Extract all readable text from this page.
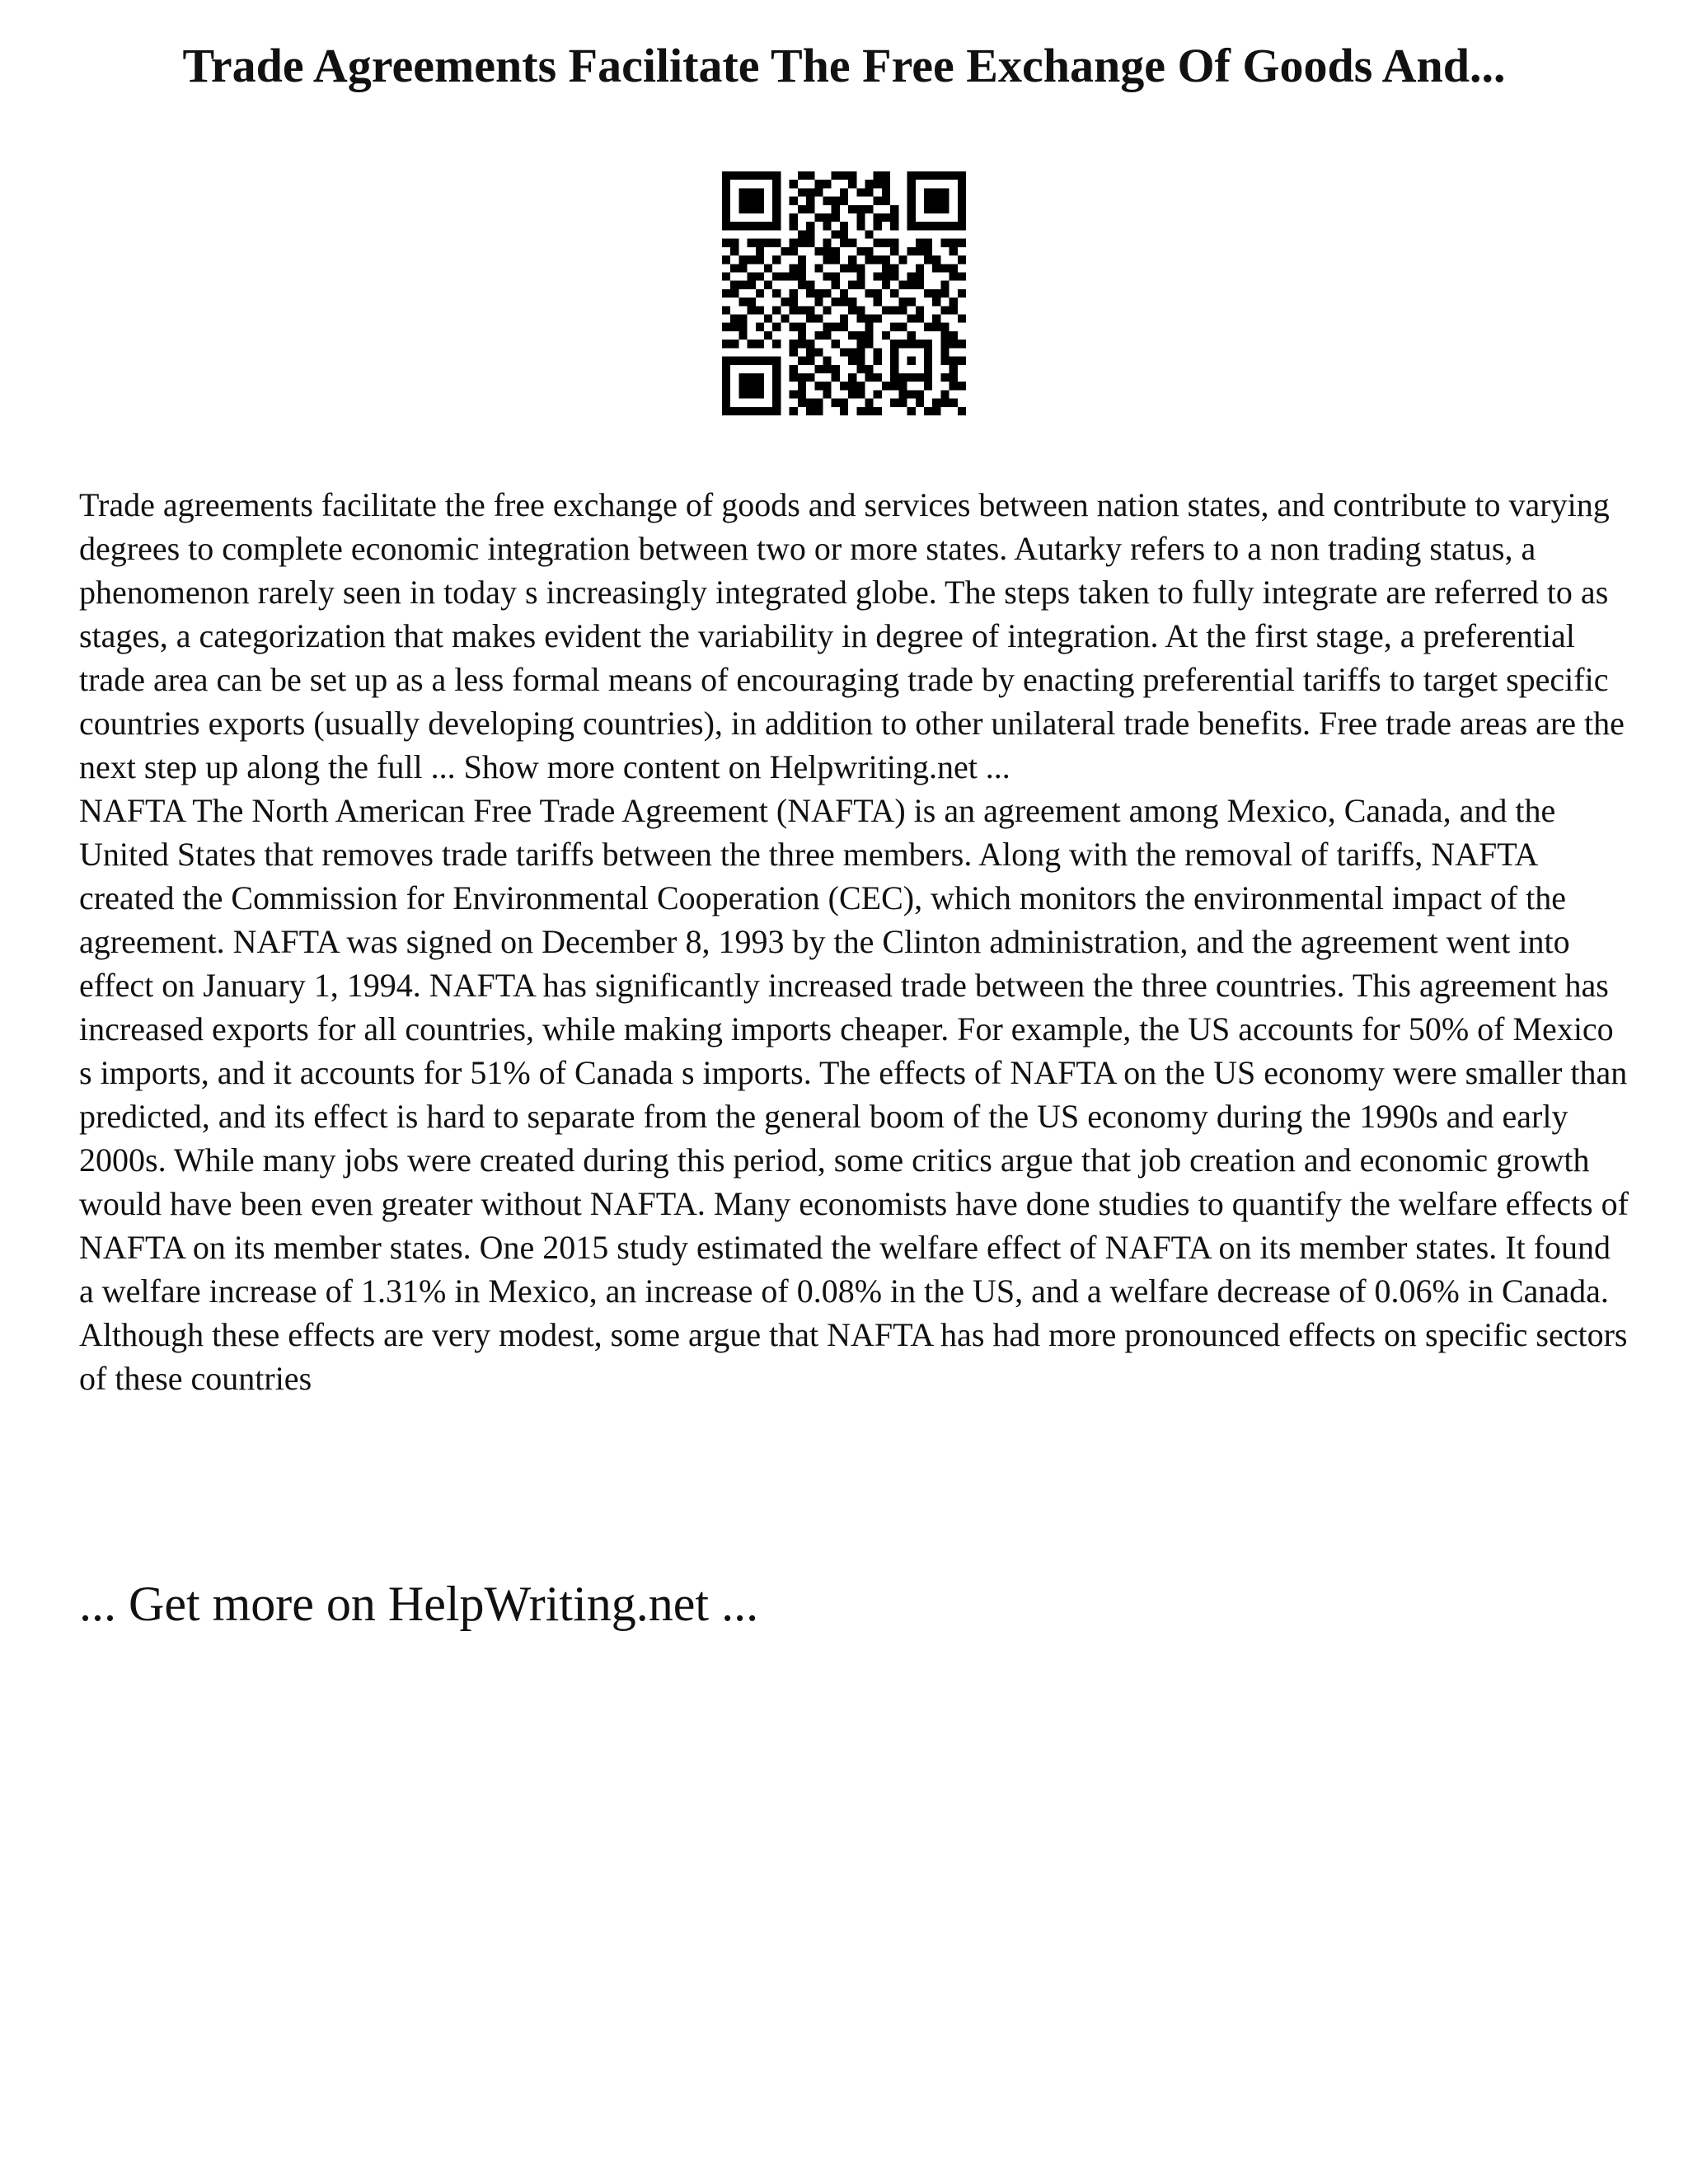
Trade Agreements Facilitate The Free Exchange Of Goods And...

Trade agreements facilitate the free exchange of goods and services between nation states, and contribute to varying degrees to complete economic integration between two or more states. Autarky refers to a non trading status, a phenomenon rarely seen in today s increasingly integrated globe. The steps taken to fully integrate are referred to as stages, a categorization that makes evident the variability in degree of integration. At the first stage, a preferential trade area can be set up as a less formal means of encouraging trade by enacting preferential tariffs to target specific countries exports (usually developing countries), in addition to other unilateral trade benefits. Free trade areas are the next step up along the full ... Show more content on Helpwriting.net ...

NAFTA The North American Free Trade Agreement (NAFTA) is an agreement among Mexico, Canada, and the United States that removes trade tariffs between the three members. Along with the removal of tariffs, NAFTA created the Commission for Environmental Cooperation (CEC), which monitors the environmental impact of the agreement. NAFTA was signed on December 8, 1993 by the Clinton administration, and the agreement went into effect on January 1, 1994. NAFTA has significantly increased trade between the three countries. This agreement has increased exports for all countries, while making imports cheaper. For example, the US accounts for 50% of Mexico s imports, and it accounts for 51% of Canada s imports. The effects of NAFTA on the US economy were smaller than predicted, and its effect is hard to separate from the general boom of the US economy during the 1990s and early 2000s. While many jobs were created during this period, some critics argue that job creation and economic growth would have been even greater without NAFTA. Many economists have done studies to quantify the welfare effects of NAFTA on its member states. One 2015 study estimated the welfare effect of NAFTA on its member states. It found a welfare increase of 1.31% in Mexico, an increase of 0.08% in the US, and a welfare decrease of 0.06% in Canada. Although these effects are very modest, some argue that NAFTA has had more pronounced effects on specific sectors of these countries

... Get more on HelpWriting.net ...
